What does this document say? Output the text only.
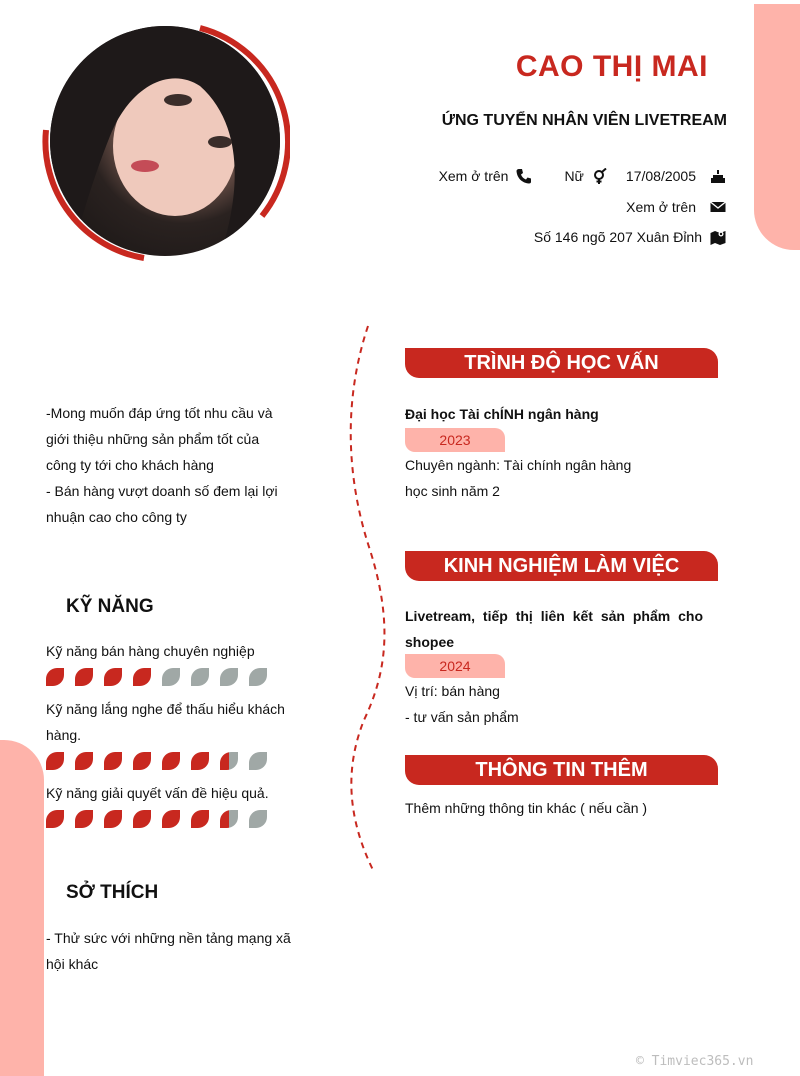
CAO THỊ MAI
ỨNG TUYỂN NHÂN VIÊN LIVETREAM
Xem ở trên	Nữ	17/08/2005
Xem ở trên
Số 146 ngõ 207 Xuân Đỉnh
-Mong muốn đáp ứng tốt nhu cầu và
giới thiệu những sản phẩm tốt của
công ty tới cho khách hàng
- Bán hàng vượt doanh số đem lại lợi
nhuận cao cho công ty
KỸ NĂNG
Kỹ năng bán hàng chuyên nghiệp
Kỹ năng lắng nghe để thấu hiểu khách
hàng.
Kỹ năng giải quyết vấn đề hiệu quả.
SỞ THÍCH
- Thử sức với những nền tảng mạng xã
hội khác
TRÌNH ĐỘ HỌC VẤN
Đại học Tài chÍNH ngân hàng
2023
Chuyên ngành: Tài chính ngân hàng
học sinh năm 2
KINH NGHIỆM LÀM VIỆC
Livetream, tiếp thị liên kết sản phẩm cho
shopee
2024
Vị trí: bán hàng
- tư vấn sản phẩm
THÔNG TIN THÊM
Thêm những thông tin khác ( nếu cần )
© Timviec365.vn
